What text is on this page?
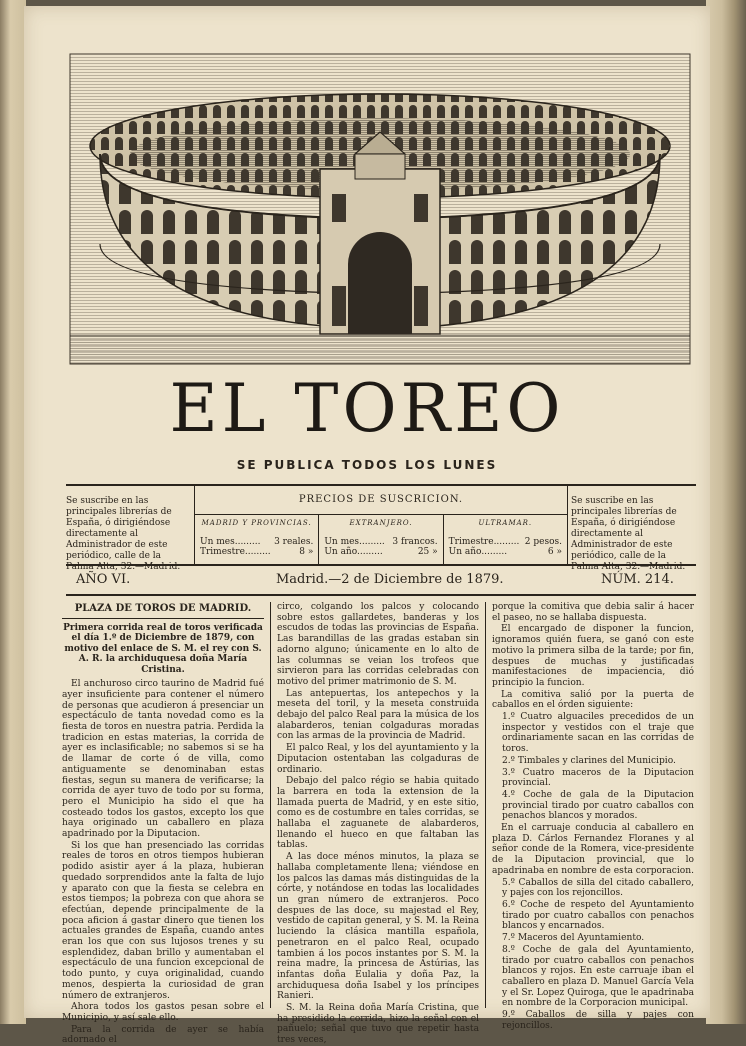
EL TOREO
SE PUBLICA TODOS LOS LUNES
Se suscribe en las principales librerías de España, ó dirigiéndose directamente al Administrador de este periódico, calle de la Palma Alta, 32.—Madrid.
PRECIOS DE SUSCRICION.
MADRID Y PROVINCIAS.
Un mes......... 3 reales.
Trimestre.........	8 »
EXTRANJERO.
Un mes......... 3 francos.
Un año.........	25 »
ULTRAMAR.
Trimestre......... 2 pesos.
Un año.........	6 »
Se suscribe en las principales librerías de España, ó dirigiéndose directamente al Administrador de este periódico, calle de la Palma Alta, 32.—Madrid.
AÑO VI.	Madrid.—2 de Diciembre de 1879.	NÚM. 214.
PLAZA DE TOROS DE MADRID.
Primera corrida real de toros verificada el día 1.º de Diciembre de 1879, con motivo del enlace de S. M. el rey con S. A. R. la archiduquesa doña María Cristina.

El anchuroso circo taurino de Madrid fué ayer insuficiente para contener el número de personas que acudieron á presenciar un espectáculo de tanta novedad como es la fiesta de toros en nuestra patria. Perdida la tradicion en estas materias, la corrida de ayer es inclasificable; no sabemos si se ha de llamar de corte ó de villa, como antiguamente se denominaban estas fiestas, segun su manera de verificarse; la corrida de ayer tuvo de todo por su forma, pero el Municipio ha sido el que ha costeado todos los gastos, excepto los que haya originado un caballero en plaza apadrinado por la Diputacion.

Si los que han presenciado las corridas reales de toros en otros tiempos hubieran podido asistir ayer á la plaza, hubieran quedado sorprendidos ante la falta de lujo y aparato con que la fiesta se celebra en estos tiempos; la pobreza con que ahora se efectúan, depende principalmente de la poca aficion á gastar dinero que tienen los actuales grandes de España, cuando antes eran los que con sus lujosos trenes y su esplendidez, daban brillo y aumentaban el espectáculo de una funcion excepcional de todo punto, y cuya originalidad, cuando menos, despierta la curiosidad de gran número de extranjeros.

Ahora todos los gastos pesan sobre el Municipio, y así sale ello.

Para la corrida de ayer se había adornado el

circo, colgando los palcos y colocando sobre estos gallardetes, banderas y los escudos de todas las provincias de España. Las barandillas de las gradas estaban sin adorno alguno; únicamente en lo alto de las columnas se veian los trofeos que sirvieron para las corridas celebradas con motivo del primer matrimonio de S. M.

Las antepuertas, los antepechos y la meseta del toril, y la meseta construida debajo del palco Real para la música de los alabarderos, tenian colgaduras moradas con las armas de la provincia de Madrid.

El palco Real, y los del ayuntamiento y la Diputacion ostentaban las colgaduras de ordinario.

Debajo del palco régio se habia quitado la barrera en toda la extension de la llamada puerta de Madrid, y en este sitio, como es de costumbre en tales corridas, se hallaba el zaguanete de alabarderos, llenando el hueco en que faltaban las tablas.

A las doce ménos minutos, la plaza se hallaba completamente llena; viéndose en los palcos las damas más distinguidas de la córte, y notándose en todas las localidades un gran número de extranjeros. Poco despues de las doce, su majestad el Rey, vestido de capitan general, y S. M. la Reina luciendo la clásica mantilla española, penetraron en el palco Real, ocupado tambien á los pocos instantes por S. M. la reina madre, la princesa de Astúrias, las infantas doña Eulalia y doña Paz, la archiduquesa doña Isabel y los príncipes Ranieri.

S. M. la Reina doña María Cristina, que ha presidido la corrida, hizo la señal con el pañuelo; señal que tuvo que repetir hasta tres veces,

porque la comitiva que debia salir á hacer el paseo, no se hallaba dispuesta.

El encargado de disponer la funcion, ignoramos quién fuera, se ganó con este motivo la primera silba de la tarde; por fin, despues de muchas y justificadas manifestaciones de impaciencia, dió principio la funcion.

La comitiva salió por la puerta de caballos en el órden siguiente:

1.º Cuatro alguaciles precedidos de un inspector y vestidos con el traje que ordinariamente sacan en las corridas de toros.

2.º Timbales y clarines del Municipio.

3.º Cuatro maceros de la Diputacion provincial.

4.º Coche de gala de la Diputacion provincial tirado por cuatro caballos con penachos blancos y morados.

En el carruaje conducia al caballero en plaza D. Cárlos Fernandez Floranes y al señor conde de la Romera, vice-presidente de la Diputacion provincial, que lo apadrinaba en nombre de esta corporacion.

5.º Caballos de silla del citado caballero, y pajes con los rejoncillos.

6.º Coche de respeto del Ayuntamiento tirado por cuatro caballos con penachos blancos y encarnados.

7.º Maceros del Ayuntamiento.

8.º Coche de gala del Ayuntamiento, tirado por cuatro caballos con penachos blancos y rojos. En este carruaje iban el caballero en plaza D. Manuel García Vela y el Sr. Lopez Quiroga, que le apadrinaba en nombre de la Corporacion municipal.

9.º Caballos de silla y pajes con rejoncillos.
